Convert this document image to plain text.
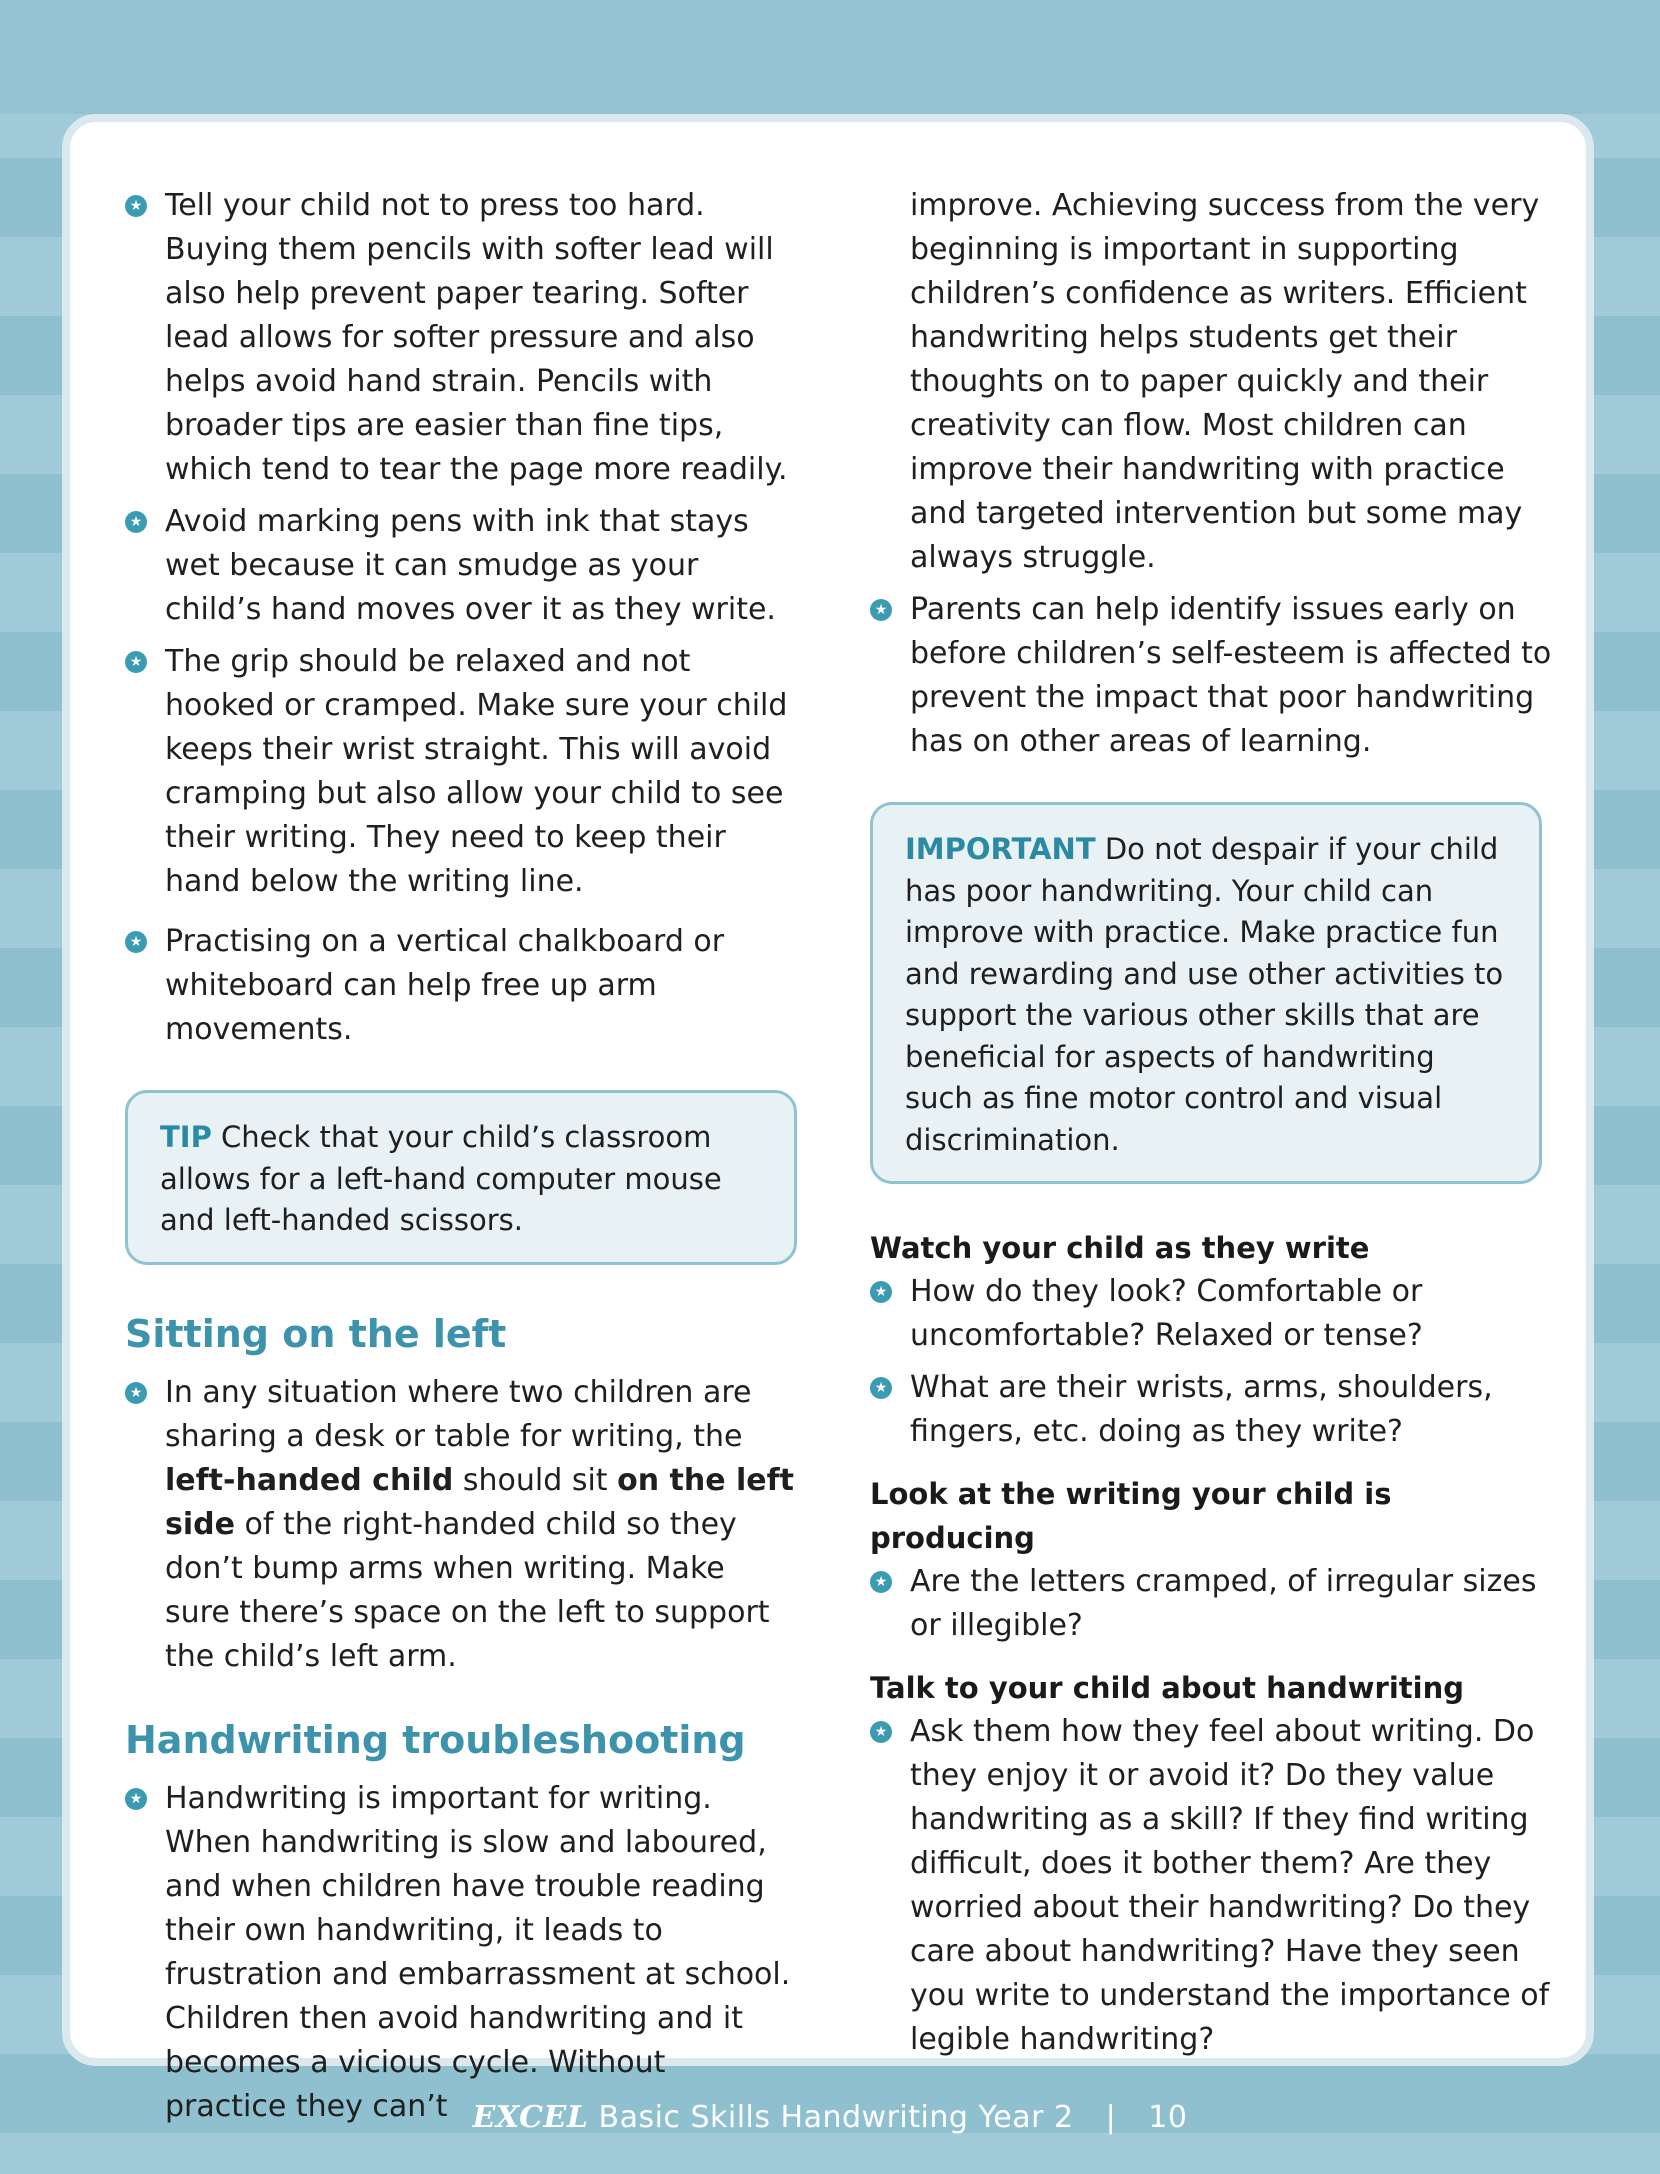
★ Tell your child not to press too hard. Buying them pencils with softer lead will also help prevent paper tearing. Softer lead allows for softer pressure and also helps avoid hand strain. Pencils with broader tips are easier than fine tips, which tend to tear the page more readily.
★ Avoid marking pens with ink that stays wet because it can smudge as your child’s hand moves over it as they write.
★ The grip should be relaxed and not hooked or cramped. Make sure your child keeps their wrist straight. This will avoid cramping but also allow your child to see their writing. They need to keep their hand below the writing line.
★ Practising on a vertical chalkboard or whiteboard can help free up arm movements.
TIP Check that your child’s classroom allows for a left-hand computer mouse and left-handed scissors.
Sitting on the left
★ In any situation where two children are sharing a desk or table for writing, the left-handed child should sit on the left side of the right-handed child so they don’t bump arms when writing. Make sure there’s space on the left to support the child’s left arm.
Handwriting troubleshooting
★ Handwriting is important for writing. When handwriting is slow and laboured, and when children have trouble reading their own handwriting, it leads to frustration and embarrassment at school. Children then avoid handwriting and it becomes a vicious cycle. Without practice they can’t
improve. Achieving success from the very beginning is important in supporting children’s confidence as writers. Efficient handwriting helps students get their thoughts on to paper quickly and their creativity can flow. Most children can improve their handwriting with practice and targeted intervention but some may always struggle.
★ Parents can help identify issues early on before children’s self-esteem is affected to prevent the impact that poor handwriting has on other areas of learning.
IMPORTANT Do not despair if your child has poor handwriting. Your child can improve with practice. Make practice fun and rewarding and use other activities to support the various other skills that are beneficial for aspects of handwriting such as fine motor control and visual discrimination.
Watch your child as they write
★ How do they look? Comfortable or uncomfortable? Relaxed or tense?
★ What are their wrists, arms, shoulders, fingers, etc. doing as they write?
Look at the writing your child is producing
★ Are the letters cramped, of irregular sizes or illegible?
Talk to your child about handwriting
★ Ask them how they feel about writing. Do they enjoy it or avoid it? Do they value handwriting as a skill? If they find writing difficult, does it bother them? Are they worried about their handwriting? Do they care about handwriting? Have they seen you write to understand the importance of legible handwriting?
EXCEL Basic Skills Handwriting Year 2 | 10
